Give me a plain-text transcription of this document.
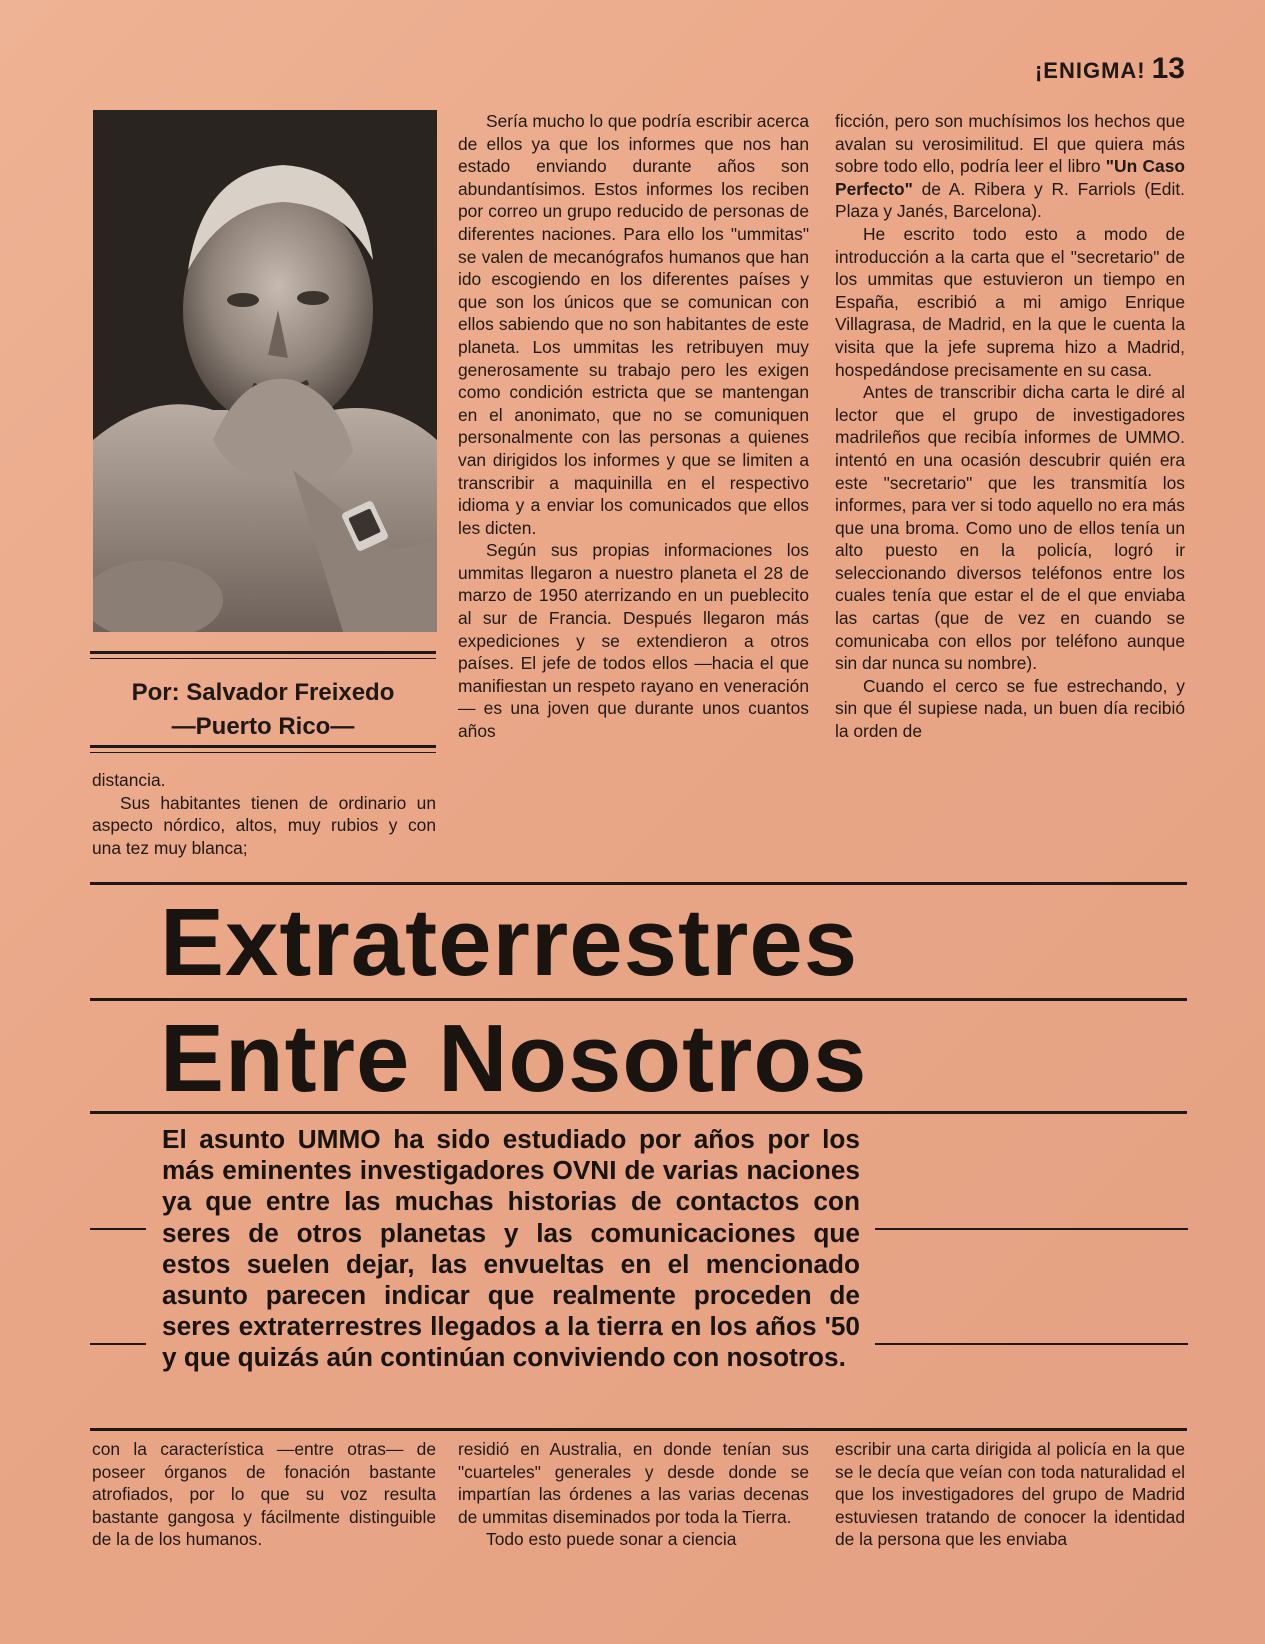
¡ENIGMA! 13
Por: Salvador Freixedo
—Puerto Rico—

distancia.

Sus habitantes tienen de ordinario un aspecto nórdico, altos, muy rubios y con una tez muy blanca;

Sería mucho lo que podría escribir acerca de ellos ya que los informes que nos han estado enviando durante años son abundantísimos. Estos informes los reciben por correo un grupo reducido de personas de diferentes naciones. Para ello los "ummitas" se valen de mecanógrafos humanos que han ido escogiendo en los diferentes países y que son los únicos que se comunican con ellos sabiendo que no son habitantes de este planeta. Los ummitas les retribuyen muy generosamente su trabajo pero les exigen como condición estricta que se mantengan en el anonimato, que no se comuniquen personalmente con las personas a quienes van dirigidos los informes y que se limiten a transcribir a maquinilla en el respectivo idioma y a enviar los comunicados que ellos les dicten.

Según sus propias informaciones los ummitas llegaron a nuestro planeta el 28 de marzo de 1950 aterrizando en un pueblecito al sur de Francia. Después llegaron más expediciones y se extendieron a otros países. El jefe de todos ellos —hacia el que manifiestan un respeto rayano en veneración— es una joven que durante unos cuantos años

ficción, pero son muchísimos los hechos que avalan su verosimilitud. El que quiera más sobre todo ello, podría leer el libro "Un Caso Perfecto" de A. Ribera y R. Farriols (Edit. Plaza y Janés, Barcelona).

He escrito todo esto a modo de introducción a la carta que el "secretario" de los ummitas que estuvieron un tiempo en España, escribió a mi amigo Enrique Villagrasa, de Madrid, en la que le cuenta la visita que la jefe suprema hizo a Madrid, hospedándose precisamente en su casa.

Antes de transcribir dicha carta le diré al lector que el grupo de investigadores madrileños que recibía informes de UMMO. intentó en una ocasión descubrir quién era este "secretario" que les transmitía los informes, para ver si todo aquello no era más que una broma. Como uno de ellos tenía un alto puesto en la policía, logró ir seleccionando diversos teléfonos entre los cuales tenía que estar el de el que enviaba las cartas (que de vez en cuando se comunicaba con ellos por teléfono aunque sin dar nunca su nombre).

Cuando el cerco se fue estrechando, y sin que él supiese nada, un buen día recibió la orden de

Extraterrestres
Entre Nosotros
El asunto UMMO ha sido estudiado por años por los más eminentes investigadores OVNI de varias naciones ya que entre las muchas historias de contactos con seres de otros planetas y las comunicaciones que estos suelen dejar, las envueltas en el mencionado asunto parecen indicar que realmente proceden de seres extraterrestres llegados a la tierra en los años '50 y que quizás aún continúan conviviendo con nosotros.

con la característica —entre otras— de poseer órganos de fonación bastante atrofiados, por lo que su voz resulta bastante gangosa y fácilmente distinguible de la de los humanos.

residió en Australia, en donde tenían sus "cuarteles" generales y desde donde se impartían las órdenes a las varias decenas de ummitas diseminados por toda la Tierra.

Todo esto puede sonar a ciencia

escribir una carta dirigida al policía en la que se le decía que veían con toda naturalidad el que los investigadores del grupo de Madrid estuviesen tratando de conocer la identidad de la persona que les enviaba
